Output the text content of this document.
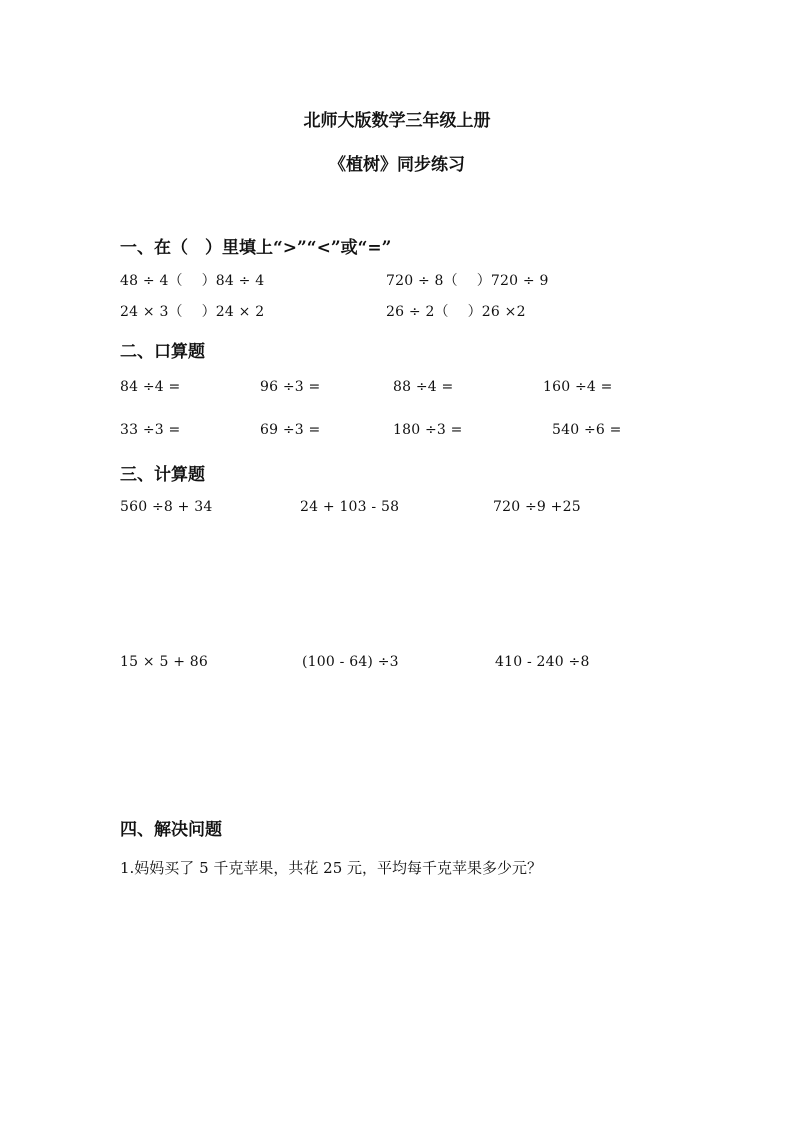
北师大版数学三年级上册
《植树》同步练习
一、在（　）里填上“>”“<”或“=”
48 ÷ 4（　 ）84 ÷ 4	720 ÷ 8（　 ）720 ÷ 9
24 × 3（　 ）24 × 2	26 ÷ 2（　 ）26 ×2
二、口算题
84 ÷4 =	96 ÷3 =	88 ÷4 =	160 ÷4 =
33 ÷3 =	69 ÷3 =	180 ÷3 =	540 ÷6 =
三、计算题
560 ÷8 + 34	24 + 103 - 58	720 ÷9 +25
15 × 5 + 86	(100 - 64) ÷3	410 - 240 ÷8
四、解决问题
1.妈妈买了 5 千克苹果，共花 25 元，平均每千克苹果多少元？
